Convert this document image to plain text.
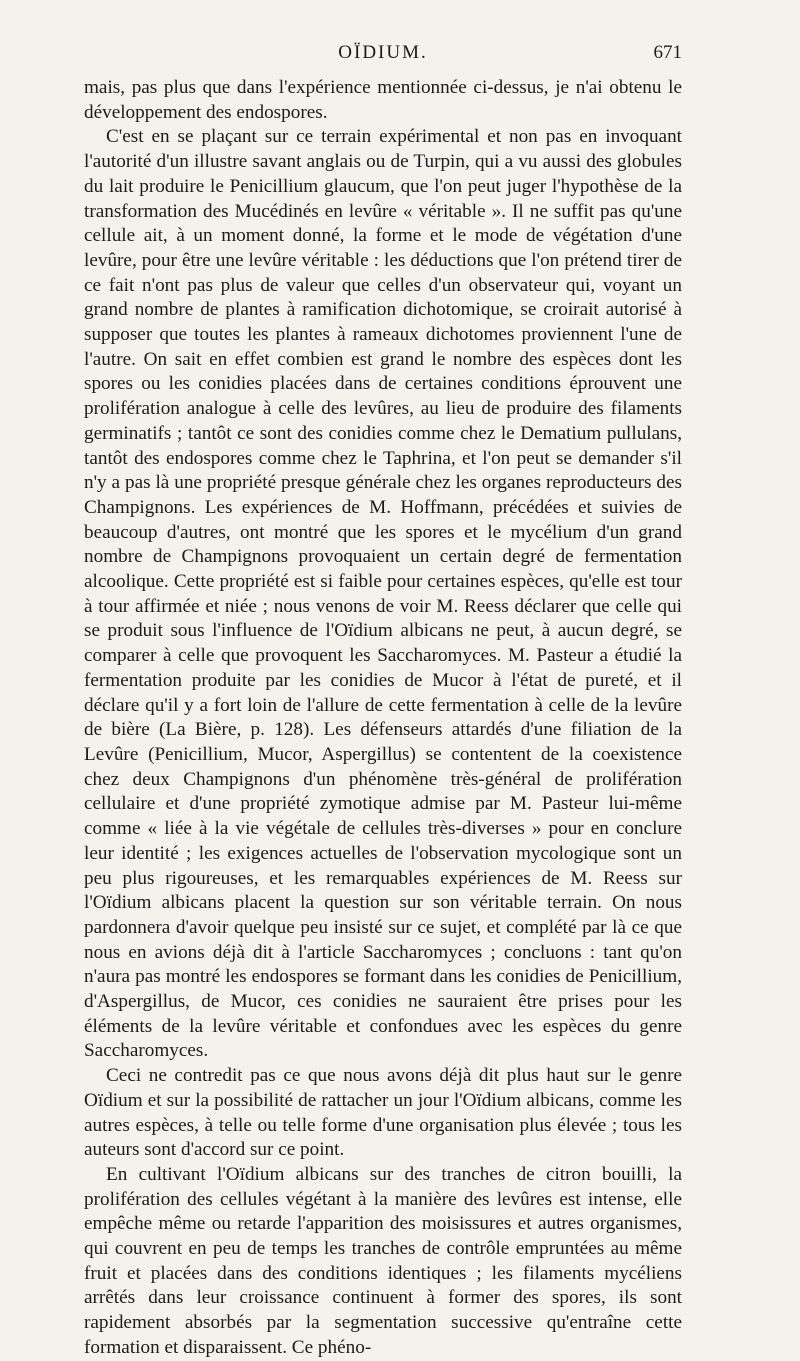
OÏDIUM.	671

mais, pas plus que dans l'expérience mentionnée ci-dessus, je n'ai obtenu le développement des endospores.

C'est en se plaçant sur ce terrain expérimental et non pas en invoquant l'autorité d'un illustre savant anglais ou de Turpin, qui a vu aussi des globules du lait produire le Penicillium glaucum, que l'on peut juger l'hypothèse de la transformation des Mucédinés en levûre « véritable ». Il ne suffit pas qu'une cellule ait, à un moment donné, la forme et le mode de végétation d'une levûre, pour être une levûre véritable : les déductions que l'on prétend tirer de ce fait n'ont pas plus de valeur que celles d'un observateur qui, voyant un grand nombre de plantes à ramification dichotomique, se croirait autorisé à supposer que toutes les plantes à rameaux dichotomes proviennent l'une de l'autre. On sait en effet combien est grand le nombre des espèces dont les spores ou les conidies placées dans de certaines conditions éprouvent une prolifération analogue à celle des levûres, au lieu de produire des filaments germinatifs ; tantôt ce sont des conidies comme chez le Dematium pullulans, tantôt des endospores comme chez le Taphrina, et l'on peut se demander s'il n'y a pas là une propriété presque générale chez les organes reproducteurs des Champignons. Les expériences de M. Hoffmann, précédées et suivies de beaucoup d'autres, ont montré que les spores et le mycélium d'un grand nombre de Champignons provoquaient un certain degré de fermentation alcoolique. Cette propriété est si faible pour certaines espèces, qu'elle est tour à tour affirmée et niée ; nous venons de voir M. Reess déclarer que celle qui se produit sous l'influence de l'Oïdium albicans ne peut, à aucun degré, se comparer à celle que provoquent les Saccharomyces. M. Pasteur a étudié la fermentation produite par les conidies de Mucor à l'état de pureté, et il déclare qu'il y a fort loin de l'allure de cette fermentation à celle de la levûre de bière (La Bière, p. 128). Les défenseurs attardés d'une filiation de la Levûre (Penicillium, Mucor, Aspergillus) se contentent de la coexistence chez deux Champignons d'un phénomène très-général de prolifération cellulaire et d'une propriété zymotique admise par M. Pasteur lui-même comme « liée à la vie végétale de cellules très-diverses » pour en conclure leur identité ; les exigences actuelles de l'observation mycologique sont un peu plus rigoureuses, et les remarquables expériences de M. Reess sur l'Oïdium albicans placent la question sur son véritable terrain. On nous pardonnera d'avoir quelque peu insisté sur ce sujet, et complété par là ce que nous en avions déjà dit à l'article Saccharomyces ; concluons : tant qu'on n'aura pas montré les endospores se formant dans les conidies de Penicillium, d'Aspergillus, de Mucor, ces conidies ne sauraient être prises pour les éléments de la levûre véritable et confondues avec les espèces du genre Saccharomyces.

Ceci ne contredit pas ce que nous avons déjà dit plus haut sur le genre Oïdium et sur la possibilité de rattacher un jour l'Oïdium albicans, comme les autres espèces, à telle ou telle forme d'une organisation plus élevée ; tous les auteurs sont d'accord sur ce point.

En cultivant l'Oïdium albicans sur des tranches de citron bouilli, la prolifération des cellules végétant à la manière des levûres est intense, elle empêche même ou retarde l'apparition des moisissures et autres organismes, qui couvrent en peu de temps les tranches de contrôle empruntées au même fruit et placées dans des conditions identiques ; les filaments mycéliens arrêtés dans leur croissance continuent à former des spores, ils sont rapidement absorbés par la segmentation successive qu'entraîne cette formation et disparaissent. Ce phéno-
